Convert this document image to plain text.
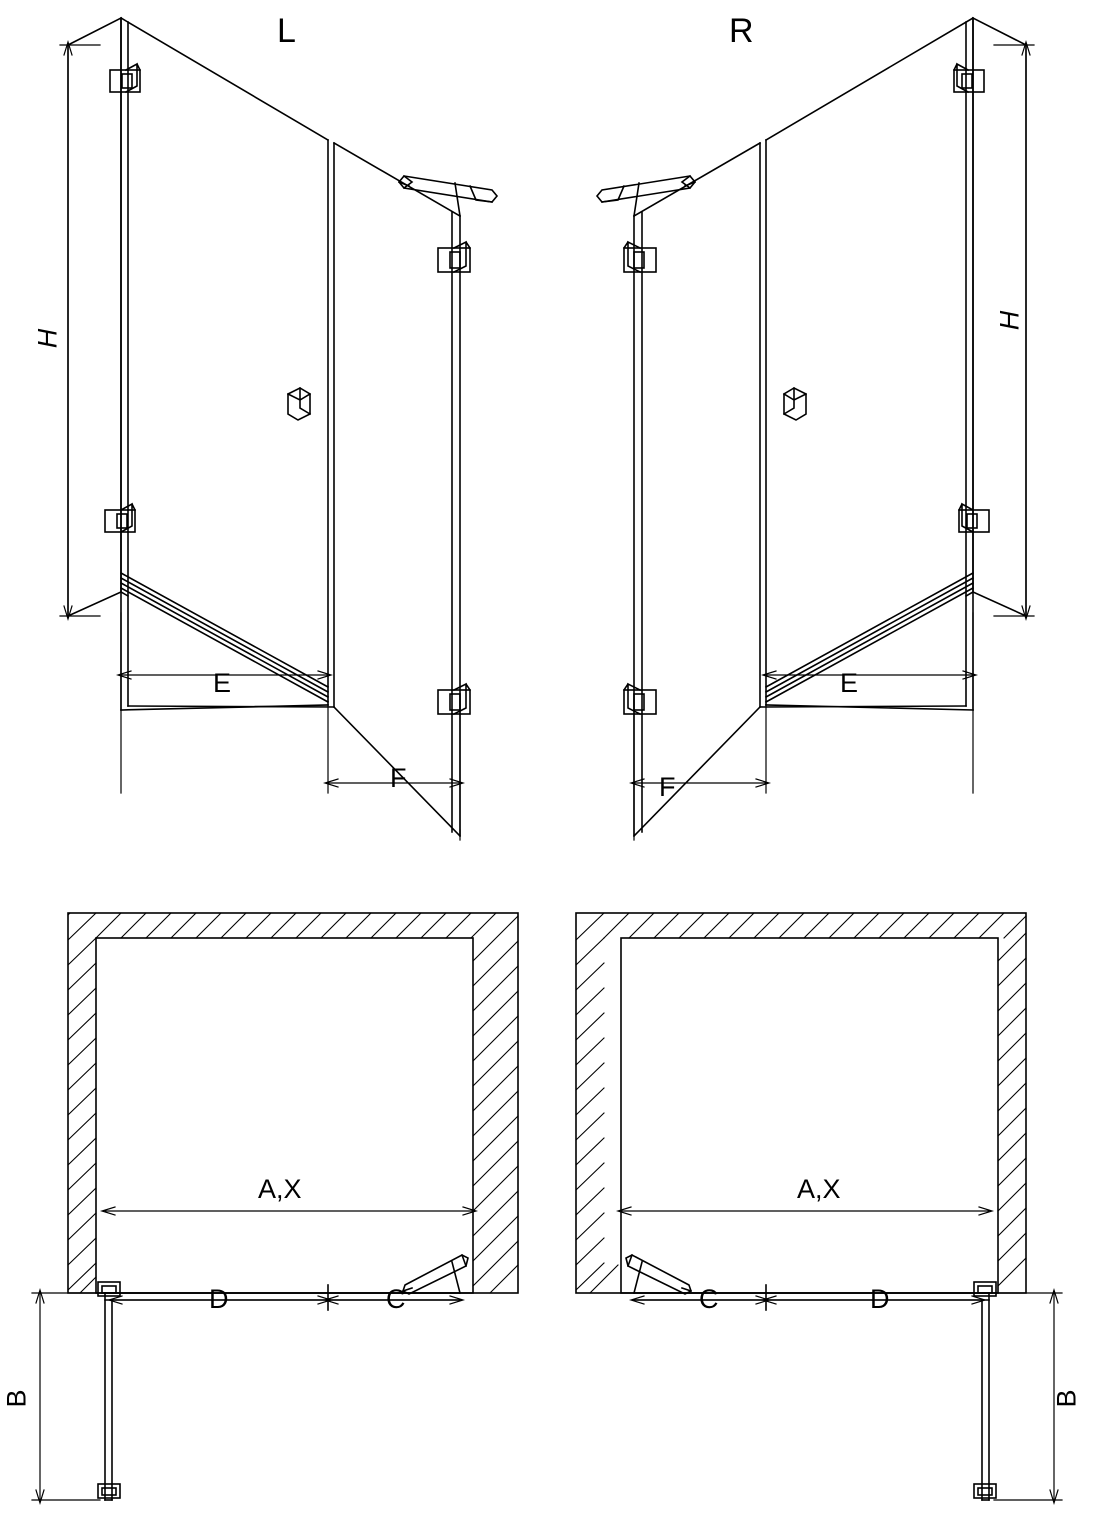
L	R
H
H
E
F	F
E
A,X	A,X
D	C	C	D
B	B
